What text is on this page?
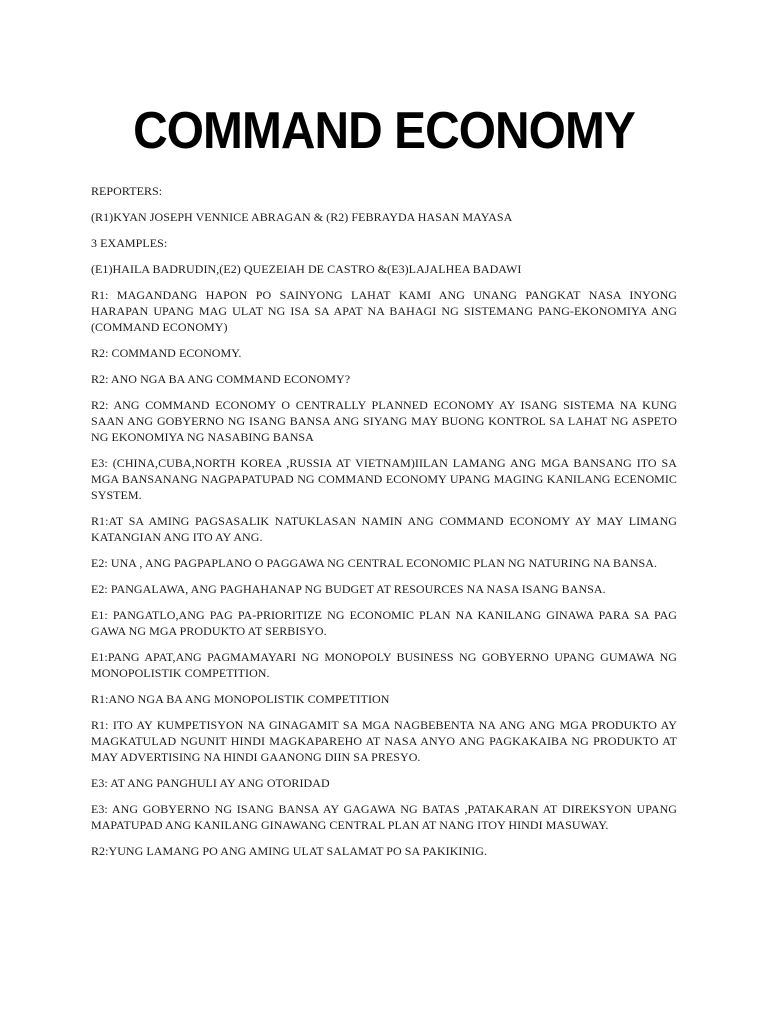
COMMAND ECONOMY

REPORTERS:

(R1)KYAN JOSEPH VENNICE ABRAGAN & (R2) FEBRAYDA HASAN MAYASA

3 EXAMPLES:

(E1)HAILA BADRUDIN,(E2) QUEZEIAH DE CASTRO &(E3)LAJALHEA BADAWI

R1: MAGANDANG HAPON PO SAINYONG LAHAT KAMI ANG UNANG PANGKAT NASA INYONG HARAPAN UPANG MAG ULAT NG ISA SA APAT NA BAHAGI NG SISTEMANG PANG-EKONOMIYA ANG (COMMAND ECONOMY)

R2: COMMAND ECONOMY.

R2: ANO NGA BA ANG COMMAND ECONOMY?

R2: ANG COMMAND ECONOMY O CENTRALLY PLANNED ECONOMY AY ISANG SISTEMA NA KUNG SAAN ANG GOBYERNO NG ISANG BANSA ANG SIYANG MAY BUONG KONTROL SA LAHAT NG ASPETO NG EKONOMIYA NG NASABING BANSA

E3: (CHINA,CUBA,NORTH KOREA ,RUSSIA AT VIETNAM)IILAN LAMANG ANG MGA BANSANG ITO SA MGA BANSANANG NAGPAPATUPAD NG COMMAND ECONOMY UPANG MAGING KANILANG ECENOMIC SYSTEM.

R1:AT SA AMING PAGSASALIK NATUKLASAN NAMIN ANG COMMAND ECONOMY AY MAY LIMANG KATANGIAN ANG ITO AY ANG.

E2: UNA , ANG PAGPAPLANO O PAGGAWA NG CENTRAL ECONOMIC PLAN NG NATURING NA BANSA.

E2: PANGALAWA, ANG PAGHAHANAP NG BUDGET AT RESOURCES NA NASA ISANG BANSA.

E1: PANGATLO,ANG PAG PA-PRIORITIZE NG ECONOMIC PLAN NA KANILANG GINAWA PARA SA PAG GAWA NG MGA PRODUKTO AT SERBISYO.

E1:PANG APAT,ANG PAGMAMAYARI NG MONOPOLY BUSINESS NG GOBYERNO UPANG GUMAWA NG MONOPOLISTIK COMPETITION.

R1:ANO NGA BA ANG MONOPOLISTIK COMPETITION

R1: ITO AY KUMPETISYON NA GINAGAMIT SA MGA NAGBEBENTA NA ANG ANG MGA PRODUKTO AY MAGKATULAD NGUNIT HINDI MAGKAPAREHO AT NASA ANYO ANG PAGKAKAIBA NG PRODUKTO AT MAY ADVERTISING NA HINDI GAANONG DIIN SA PRESYO.

E3: AT ANG PANGHULI AY ANG OTORIDAD

E3: ANG GOBYERNO NG ISANG BANSA AY GAGAWA NG BATAS ,PATAKARAN AT DIREKSYON UPANG MAPATUPAD ANG KANILANG GINAWANG CENTRAL PLAN AT NANG ITOY HINDI MASUWAY.

R2:YUNG LAMANG PO ANG AMING ULAT SALAMAT PO SA PAKIKINIG.
